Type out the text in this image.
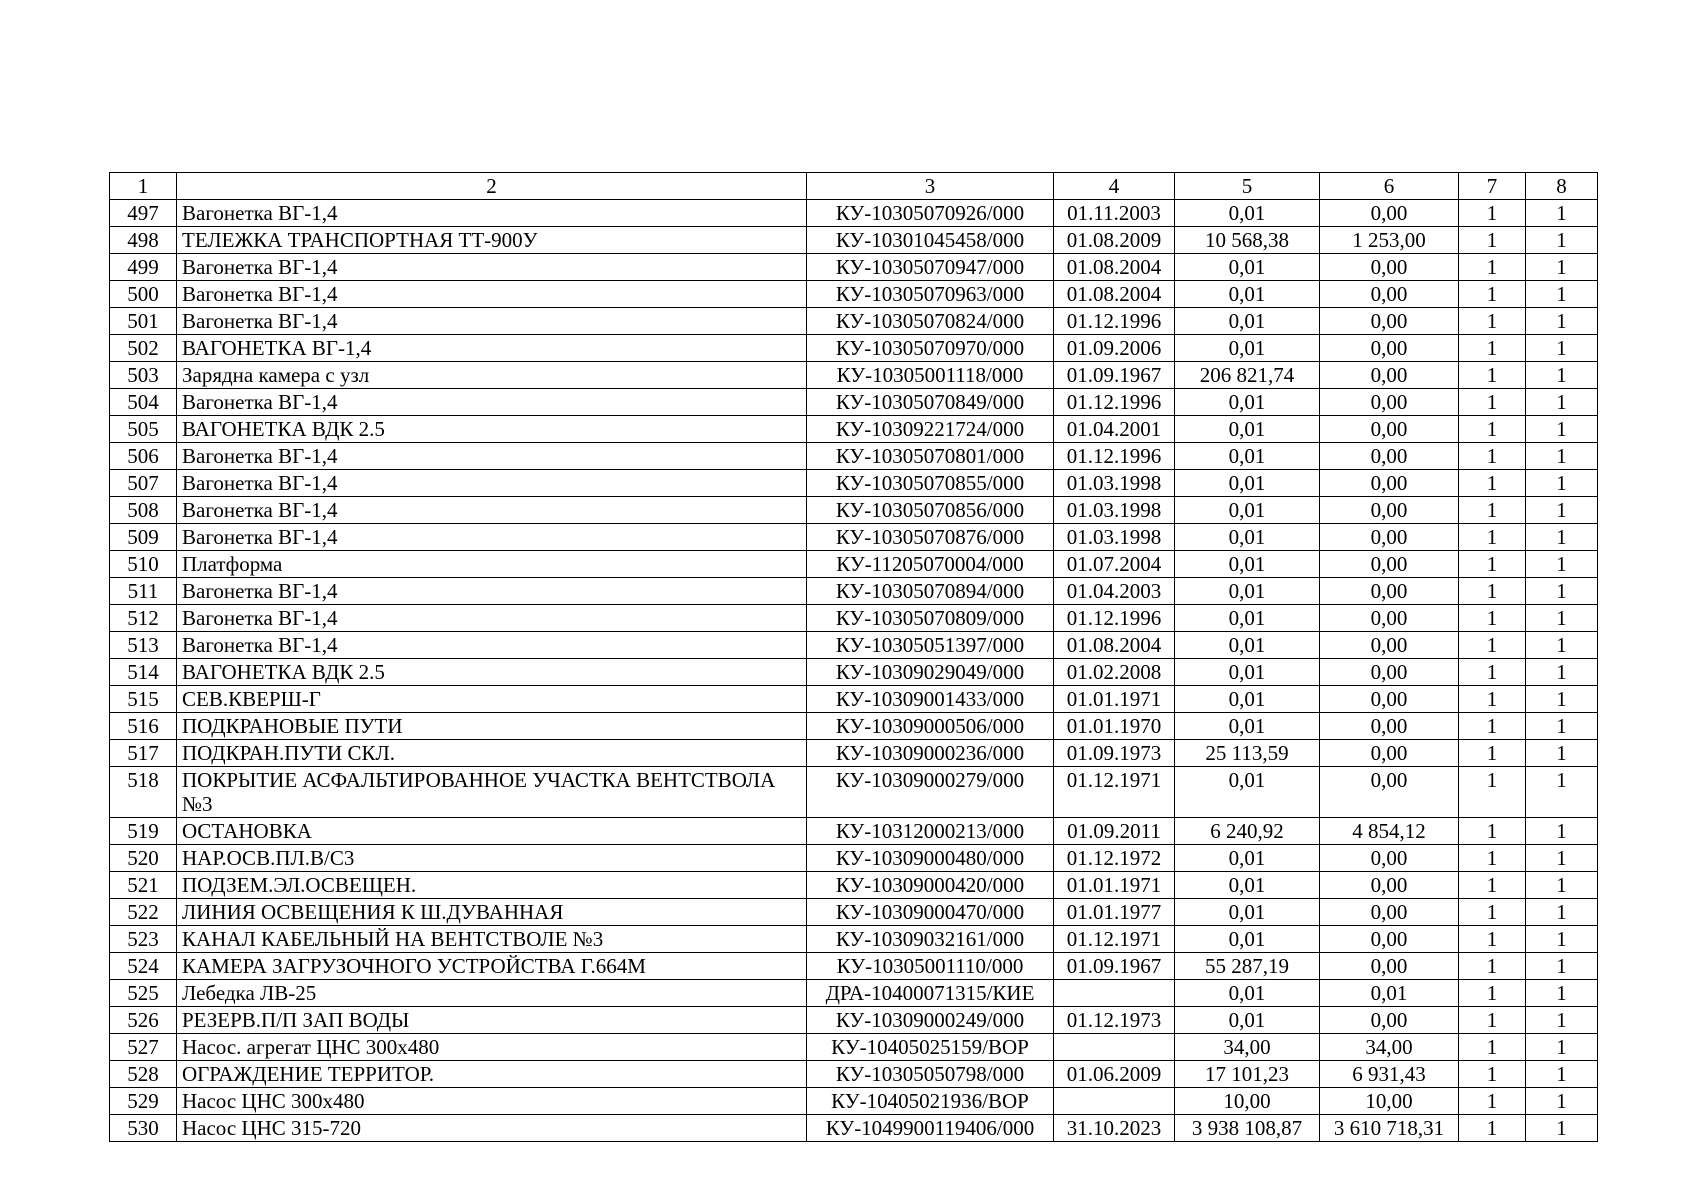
1	2	3	4	5	6	7	8
497	Вагонетка ВГ-1,4	КУ-10305070926/000	01.11.2003	0,01	0,00	1	1
498	ТЕЛЕЖКА ТРАНСПОРТНАЯ ТТ-900У	КУ-10301045458/000	01.08.2009	10 568,38	1 253,00	1	1
499	Вагонетка ВГ-1,4	КУ-10305070947/000	01.08.2004	0,01	0,00	1	1
500	Вагонетка ВГ-1,4	КУ-10305070963/000	01.08.2004	0,01	0,00	1	1
501	Вагонетка ВГ-1,4	КУ-10305070824/000	01.12.1996	0,01	0,00	1	1
502	ВАГОНЕТКА ВГ-1,4	КУ-10305070970/000	01.09.2006	0,01	0,00	1	1
503	Зарядна камера с узл	КУ-10305001118/000	01.09.1967	206 821,74	0,00	1	1
504	Вагонетка ВГ-1,4	КУ-10305070849/000	01.12.1996	0,01	0,00	1	1
505	ВАГОНЕТКА ВДК 2.5	КУ-10309221724/000	01.04.2001	0,01	0,00	1	1
506	Вагонетка ВГ-1,4	КУ-10305070801/000	01.12.1996	0,01	0,00	1	1
507	Вагонетка ВГ-1,4	КУ-10305070855/000	01.03.1998	0,01	0,00	1	1
508	Вагонетка ВГ-1,4	КУ-10305070856/000	01.03.1998	0,01	0,00	1	1
509	Вагонетка ВГ-1,4	КУ-10305070876/000	01.03.1998	0,01	0,00	1	1
510	Платформа	КУ-11205070004/000	01.07.2004	0,01	0,00	1	1
511	Вагонетка ВГ-1,4	КУ-10305070894/000	01.04.2003	0,01	0,00	1	1
512	Вагонетка ВГ-1,4	КУ-10305070809/000	01.12.1996	0,01	0,00	1	1
513	Вагонетка ВГ-1,4	КУ-10305051397/000	01.08.2004	0,01	0,00	1	1
514	ВАГОНЕТКА ВДК 2.5	КУ-10309029049/000	01.02.2008	0,01	0,00	1	1
515	СЕВ.КВЕРШ-Г	КУ-10309001433/000	01.01.1971	0,01	0,00	1	1
516	ПОДКРАНОВЫЕ ПУТИ	КУ-10309000506/000	01.01.1970	0,01	0,00	1	1
517	ПОДКРАН.ПУТИ СКЛ.	КУ-10309000236/000	01.09.1973	25 113,59	0,00	1	1
518	ПОКРЫТИЕ АСФАЛЬТИРОВАННОЕ УЧАСТКА ВЕНТСТВОЛА №3	КУ-10309000279/000	01.12.1971	0,01	0,00	1	1
519	ОСТАНОВКА	КУ-10312000213/000	01.09.2011	6 240,92	4 854,12	1	1
520	НАР.ОСВ.ПЛ.В/С3	КУ-10309000480/000	01.12.1972	0,01	0,00	1	1
521	ПОДЗЕМ.ЭЛ.ОСВЕЩЕН.	КУ-10309000420/000	01.01.1971	0,01	0,00	1	1
522	ЛИНИЯ ОСВЕЩЕНИЯ К Ш.ДУВАННАЯ	КУ-10309000470/000	01.01.1977	0,01	0,00	1	1
523	КАНАЛ КАБЕЛЬНЫЙ НА ВЕНТСТВОЛЕ №3	КУ-10309032161/000	01.12.1971	0,01	0,00	1	1
524	КАМЕРА ЗАГРУЗОЧНОГО УСТРОЙСТВА Г.664М	КУ-10305001110/000	01.09.1967	55 287,19	0,00	1	1
525	Лебедка ЛВ-25	ДРА-10400071315/КИЕ		0,01	0,01	1	1
526	РЕЗЕРВ.П/П ЗАП ВОДЫ	КУ-10309000249/000	01.12.1973	0,01	0,00	1	1
527	Насос. агрегат ЦНС 300х480	КУ-10405025159/ВОР		34,00	34,00	1	1
528	ОГРАЖДЕНИЕ ТЕРРИТОР.	КУ-10305050798/000	01.06.2009	17 101,23	6 931,43	1	1
529	Насос ЦНС 300х480	КУ-10405021936/ВОР		10,00	10,00	1	1
530	Насос ЦНС 315-720	КУ-1049900119406/000	31.10.2023	3 938 108,87	3 610 718,31	1	1
